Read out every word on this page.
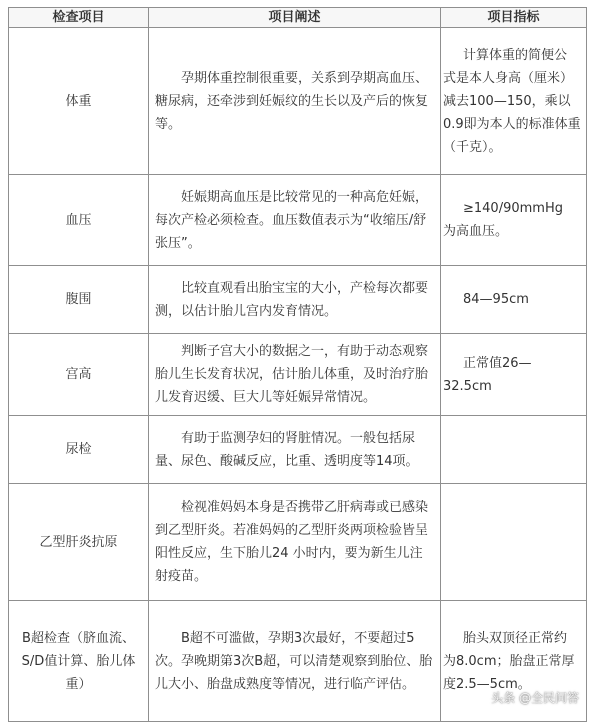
检查项目	项目阐述	项目指标
体重	孕期体重控制很重要，关系到孕期高血压、糖尿病，还牵涉到妊娠纹的生长以及产后的恢复等。	计算体重的简便公
式是本人身高（厘米）减去100—150，乘以0.9即为本人的标准体重（千克）。
血压	妊娠期高血压是比较常见的一种高危妊娠，每次产检必须检查。血压数值表示为“收缩压/舒张压”。	≥140/90mmHg
为高血压。
腹围	比较直观看出胎宝宝的大小，产检每次都要测，以估计胎儿宫内发育情况。	84—95cm

宫高	判断子宫大小的数据之一，有助于动态观察胎儿生长发育状况，估计胎儿体重，及时治疗胎儿发育迟缓、巨大儿等妊娠异常情况。	正常值26—
32.5cm
尿检	有助于监测孕妇的肾脏情况。一般包括尿量、尿色、酸碱反应，比重、透明度等14项。	
乙型肝炎抗原	检视准妈妈本身是否携带乙肝病毒或已感染到乙型肝炎。若准妈妈的乙型肝炎两项检验皆呈阳性反应，生下胎儿24 小时内，要为新生儿注射疫苗。	
B超检查（脐血流、S/D值计算、胎儿体重）	B超不可滥做，孕期3次最好，不要超过5次。孕晚期第3次B超，可以清楚观察到胎位、胎儿大小、胎盘成熟度等情况，进行临产评估。	胎头双顶径正常约
为8.0cm；胎盘正常厚度2.5—5cm。
头条 @全民问答
